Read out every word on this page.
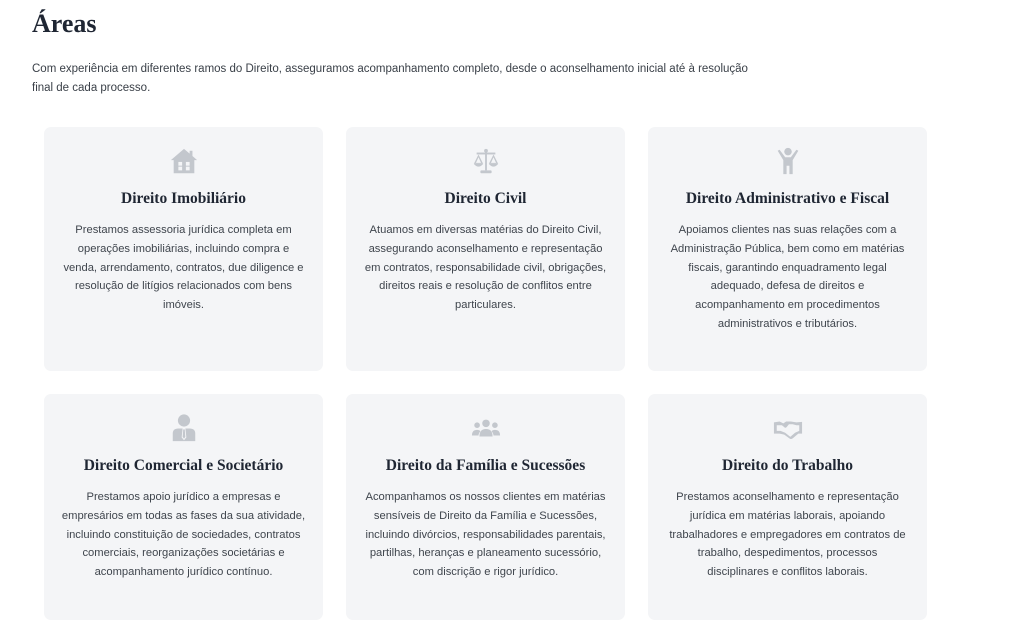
Áreas

Com experiência em diferentes ramos do Direito, asseguramos acompanhamento completo, desde o aconselhamento inicial até à resolução final de cada processo.

Direito Imobiliário

Prestamos assessoria jurídica completa em operações imobiliárias, incluindo compra e venda, arrendamento, contratos, due diligence e resolução de litígios relacionados com bens imóveis.

Direito Civil

Atuamos em diversas matérias do Direito Civil, assegurando aconselhamento e representação em contratos, responsabilidade civil, obrigações, direitos reais e resolução de conflitos entre particulares.

Direito Administrativo e Fiscal

Apoiamos clientes nas suas relações com a Administração Pública, bem como em matérias fiscais, garantindo enquadramento legal adequado, defesa de direitos e acompanhamento em procedimentos administrativos e tributários.

Direito Comercial e Societário

Prestamos apoio jurídico a empresas e empresários em todas as fases da sua atividade, incluindo constituição de sociedades, contratos comerciais, reorganizações societárias e acompanhamento jurídico contínuo.

Direito da Família e Sucessões

Acompanhamos os nossos clientes em matérias sensíveis de Direito da Família e Sucessões, incluindo divórcios, responsabilidades parentais, partilhas, heranças e planeamento sucessório, com discrição e rigor jurídico.

Direito do Trabalho

Prestamos aconselhamento e representação jurídica em matérias laborais, apoiando trabalhadores e empregadores em contratos de trabalho, despedimentos, processos disciplinares e conflitos laborais.
